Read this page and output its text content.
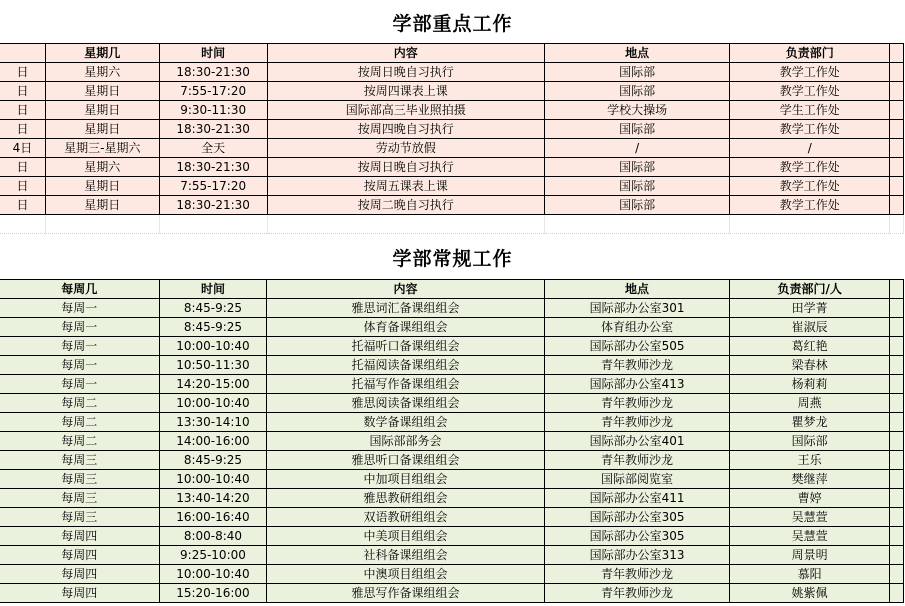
学部重点工作
	星期几	时间	内容	地点	负责部门	
日	星期六	18:30-21:30	按周日晚自习执行	国际部	教学工作处	
日	星期日	7:55-17:20	按周四课表上课	国际部	教学工作处	
日	星期日	9:30-11:30	国际部高三毕业照拍摄	学校大操场	学生工作处	
日	星期日	18:30-21:30	按周四晚自习执行	国际部	教学工作处	
4日	星期三-星期六	全天	劳动节放假	/	/	
日	星期六	18:30-21:30	按周日晚自习执行	国际部	教学工作处	
日	星期日	7:55-17:20	按周五课表上课	国际部	教学工作处	
日	星期日	18:30-21:30	按周二晚自习执行	国际部	教学工作处	

学部常规工作
每周几	时间	内容	地点	负责部门/人	
每周一	8:45-9:25	雅思词汇备课组组会	国际部办公室301	田学菁	
每周一	8:45-9:25	体育备课组组会	体育组办公室	崔淑辰	
每周一	10:00-10:40	托福听口备课组组会	国际部办公室505	葛红艳	
每周一	10:50-11:30	托福阅读备课组组会	青年教师沙龙	梁春林	
每周一	14:20-15:00	托福写作备课组组会	国际部办公室413	杨莉莉	
每周二	10:00-10:40	雅思阅读备课组组会	青年教师沙龙	周燕	
每周二	13:30-14:10	数学备课组组会	青年教师沙龙	瞿梦龙	
每周二	14:00-16:00	国际部部务会	国际部办公室401	国际部	
每周三	8:45-9:25	雅思听口备课组组会	青年教师沙龙	王乐	
每周三	10:00-10:40	中加项目组组会	国际部阅览室	樊继萍	
每周三	13:40-14:20	雅思教研组组会	国际部办公室411	曹婷	
每周三	16:00-16:40	双语教研组组会	国际部办公室305	吴慧萱	
每周四	8:00-8:40	中美项目组组会	国际部办公室305	吴慧萱	
每周四	9:25-10:00	社科备课组组会	国际部办公室313	周景明	
每周四	10:00-10:40	中澳项目组组会	青年教师沙龙	慕阳	
每周四	15:20-16:00	雅思写作备课组组会	青年教师沙龙	姚紫佩	
